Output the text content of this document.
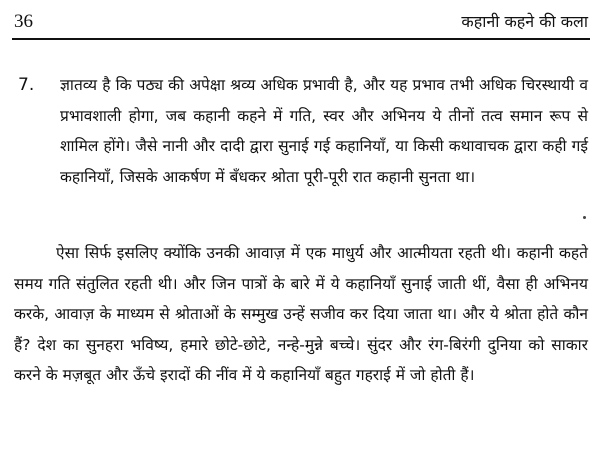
36	कहानी कहने की कला
7. ज्ञातव्य है कि पठ्य की अपेक्षा श्रव्य अधिक प्रभावी है, और यह प्रभाव तभी अधिक चिरस्थायी व प्रभावशाली होगा, जब कहानी कहने में गति, स्वर और अभिनय ये तीनों तत्व समान रूप से शामिल होंगे। जैसे नानी और दादी द्वारा सुनाई गई कहानियाँ, या किसी कथावाचक द्वारा कही गई कहानियाँ, जिसके आकर्षण में बँधकर श्रोता पूरी-पूरी रात कहानी सुनता था।

ऐसा सिर्फ इसलिए क्योंकि उनकी आवाज़ में एक माधुर्य और आत्मीयता रहती थी। कहानी कहते समय गति संतुलित रहती थी। और जिन पात्रों के बारे में ये कहानियाँ सुनाई जाती थीं, वैसा ही अभिनय करके, आवाज़ के माध्यम से श्रोताओं के सम्मुख उन्हें सजीव कर दिया जाता था। और ये श्रोता होते कौन हैं? देश का सुनहरा भविष्य, हमारे छोटे-छोटे, नन्हे-मुन्ने बच्चे। सुंदर और रंग-बिरंगी दुनिया को साकार करने के मज़बूत और ऊँचे इरादों की नींव में ये कहानियाँ बहुत गहराई में जो होती हैं।
